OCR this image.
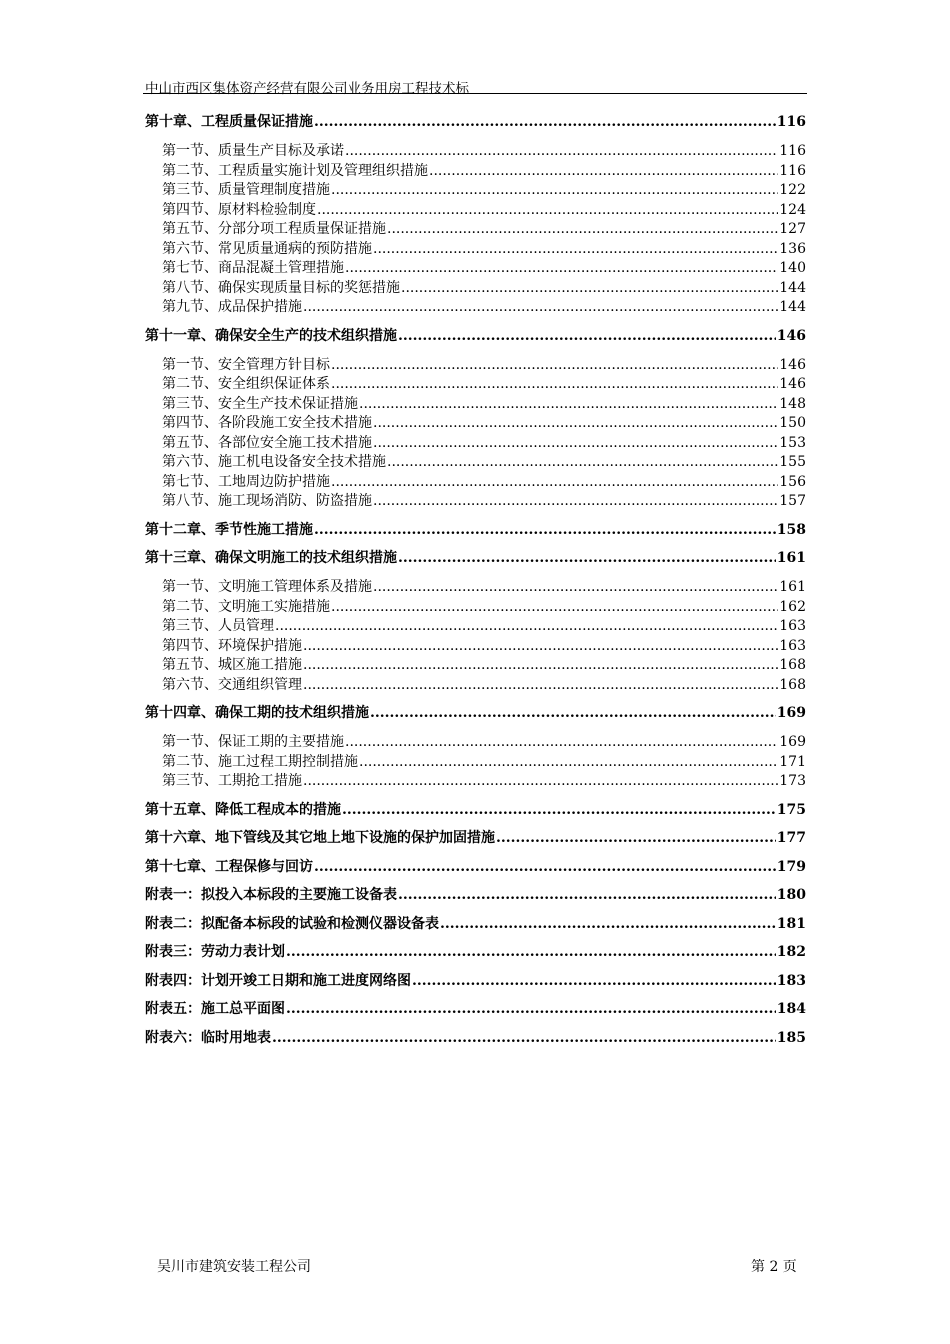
中山市西区集体资产经营有限公司业务用房工程技术标
第十章、工程质量保证措施 .....	116
第一节、质量生产目标及承诺 .....	116
第二节、工程质量实施计划及管理组织措施 .....	116
第三节、质量管理制度措施 .....	122
第四节、原材料检验制度 .....	124
第五节、分部分项工程质量保证措施 .....	127
第六节、常见质量通病的预防措施 .....	136
第七节、商品混凝土管理措施 .....	140
第八节、确保实现质量目标的奖惩措施 .....	144
第九节、成品保护措施 .....	144
第十一章、确保安全生产的技术组织措施 .....	146
第一节、安全管理方针目标 .....	146
第二节、安全组织保证体系 .....	146
第三节、安全生产技术保证措施 .....	148
第四节、各阶段施工安全技术措施 .....	150
第五节、各部位安全施工技术措施 .....	153
第六节、施工机电设备安全技术措施 .....	155
第七节、工地周边防护措施 .....	156
第八节、施工现场消防、防盗措施 .....	157
第十二章、季节性施工措施 .....	158
第十三章、确保文明施工的技术组织措施 .....	161
第一节、文明施工管理体系及措施 .....	161
第二节、文明施工实施措施 .....	162
第三节、人员管理 .....	163
第四节、环境保护措施 .....	163
第五节、城区施工措施 .....	168
第六节、交通组织管理 .....	168
第十四章、确保工期的技术组织措施 .....	169
第一节、保证工期的主要措施 .....	169
第二节、施工过程工期控制措施 .....	171
第三节、工期抢工措施 .....	173
第十五章、降低工程成本的措施 .....	175
第十六章、地下管线及其它地上地下设施的保护加固措施 .....	177
第十七章、工程保修与回访 .....	179
附表一：拟投入本标段的主要施工设备表 .....	180
附表二：拟配备本标段的试验和检测仪器设备表 .....	181
附表三：劳动力表计划 .....	182
附表四：计划开竣工日期和施工进度网络图 .....	183
附表五：施工总平面图 .....	184
附表六：临时用地表 .....	185
吴川市建筑安装工程公司	第 2 页
